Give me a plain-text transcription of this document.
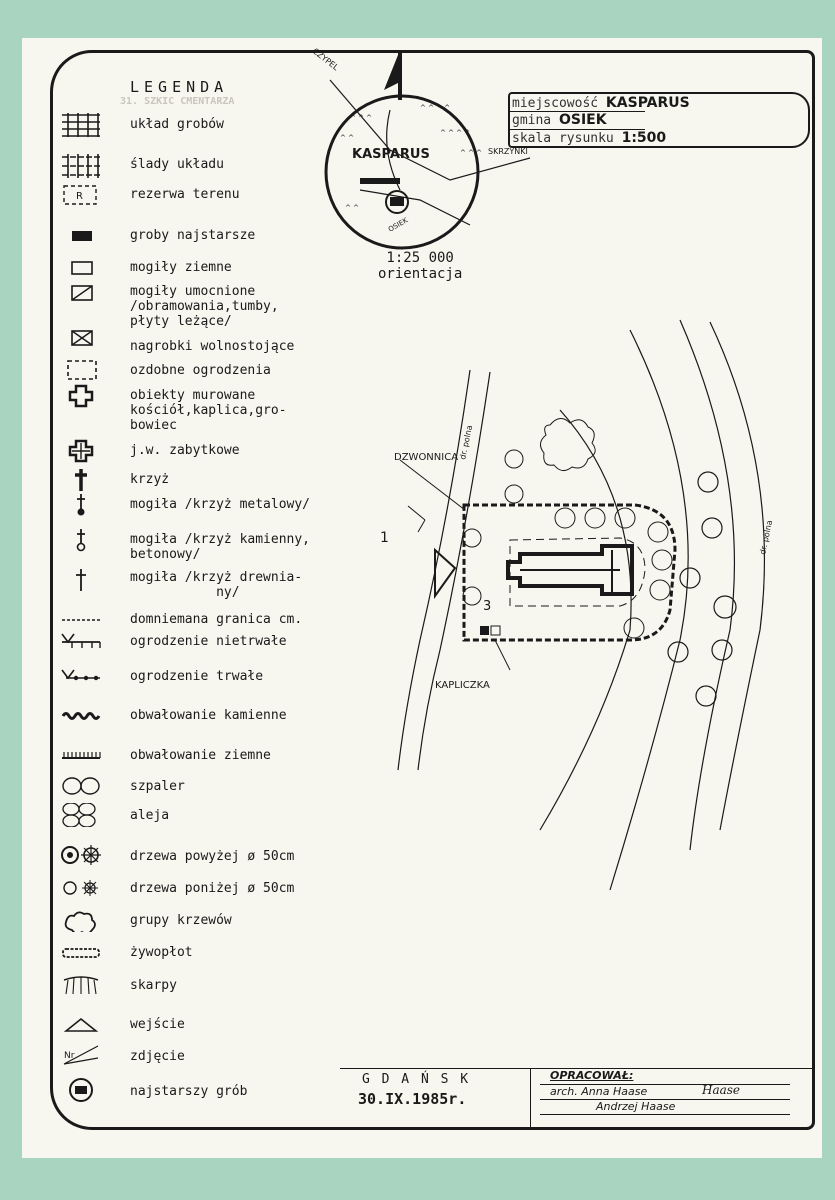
31. SZKIC CMENTARZA
LEGENDA
układ grobów
ślady układu
R	rezerwa terenu
groby najstarsze
mogiły ziemne
mogiły umocnione
/obramowania,tumby,
płyty leżące/
nagrobki wolnostojące
ozdobne ogrodzenia
obiekty murowane
kościół,kaplica,gro-
bowiec
j.w. zabytkowe
krzyż
mogiła /krzyż metalowy/
mogiła /krzyż kamienny,
betonowy/
mogiła /krzyż drewnia-
ny/
domniemana granica cm.
ogrodzenie nietrwałe
ogrodzenie trwałe
obwałowanie kamienne
obwałowanie ziemne
szpaler
aleja
drzewa powyżej ø 50cm
drzewa poniżej ø 50cm
grupy krzewów
żywopłot
skarpy
wejście
Nr	zdjęcie
najstarszy grób
^ ^ ^
^ ^ ^ ^
^ ^ ^ ^
^ ^
^ ^ ^
^ ^
KASPARUS
CZYPEL
SKRZYNKI
OSIEK
1:25 000
orientacja
miejscowość KASPARUS
gmina OSIEK
skala rysunku 1:500
1
3
DZWONNICA
KAPLICZKA
dr. polna
dr. polna
G D A Ń S K
30.IX.1985r.
OPRACOWAŁ:
arch. Anna Haase	Haase
Andrzej Haase
